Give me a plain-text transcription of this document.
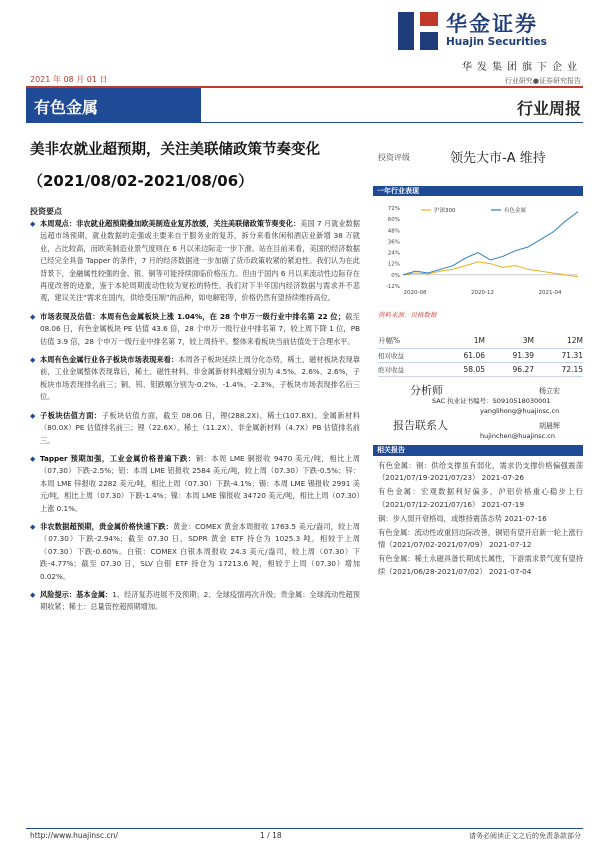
华金证券
Huajin Securities
华发集团旗下企业
2021 年 08 月 01 日	行业研究●证券研究报告
有色金属	行业周报
美非农就业超预期，关注美联储政策节奏变化
（2021/08/02-2021/08/06）
投资评级	领先大市-A 维持
投资要点
◆ 本周观点：非农就业超预期叠加欧美制造业复苏放缓，关注美联储政策节奏变化：美国 7 月就业数据远超市场预期，就业数据的走强或主要来自于服务业的复苏，拆分来看休闲和酒店业新增 38 万就业，占比较高，而欧美制造业景气度则在 6 月以来边际走一步下滑。站在目前来看，美国的经济数据已经完全具备 Tapper 的条件，7 月的经济数据进一步加剧了货币政策收紧的紧迫性。我们认为在此背景下，金融属性较强的金、银、铜等可能持续面临价格压力。但由于国内 6 月以来流动性边际存在再度改善的迹象，鉴于本轮周期流动性较为宽松的特性，我们对下半年国内经济数据与需求并不悲观，建议关注“需求在国内，供给受压制”的品种，如电解铝等，价格仍然有望持续维持高位。
◆ 市场表现及估值：本周有色金属板块上涨 1.04%，在 28 个申万一级行业中排名第 22 位；截至 08.06 日，有色金属板块 PE 估值 43.6 倍，28 个申万一级行业中排名第 7，较上周下降 1 位，PB 估值 3.9 倍，28 个申万一级行业中排名第 7，较上周持平。整体来看板块当前估值处于合理水平。
◆ 本周有色金属行业各子板块市场表现来看：本周各子板块延续上周分化态势，稀土、磁材板块表现靠前，工业金属整体表现靠后，稀土、磁性材料、非金属新材料涨幅分别为 4.5%、2.6%、2.6%，子板块市场表现排名前三；铜、钨、钼跌幅分别为-0.2%、-1.4%、-2.3%，子板块市场表现排名后三位。
◆ 子板块估值方面：子板块估值方面，截至 08.06 日，锂(288.2X)、稀土(107.8X)、金属新材料（80.0X）PE 估值排名前三；锂（22.6X）、稀土（11.2X）、非金属新材料（4.7X）PB 估值排名前三。
◆ Tapper 预期加强，工业金属价格普遍下跌：铜：本周 LME 铜报收 9470 美元/吨，相比上周（07.30）下跌-2.5%；铝：本周 LME 铝报收 2584 美元/吨，较上周（07.30）下跌-0.5%；锌：本周 LME 锌报收 2282 美元/吨，相比上周（07.30）下跌-4.1%；锡：本周 LME 锡报收 2991 美元/吨，相比上周（07.30）下跌-1.4%；镍：本周 LME 镍报收 34720 美元/吨，相比上周（07.30）上涨 0.1%。
◆ 非农数据超预期，贵金属价格快速下跌：黄金：COMEX 黄金本周报收 1763.5 美元/盎司，较上周（07.30）下跌-2.94%；截至 07.30 日，SDPR 黄金 ETF 持仓为 1025.3 吨，相较于上周（07.30）下跌-0.60%。白银：COMEX 白银本周报收 24.3 美元/盎司，较上周（07.30）下跌-4.77%；截至 07.30 日，SLV 白银 ETF 持仓为 17213.6 吨，相较于上周（07.30）增加 0.02%。
◆ 风险提示：基本金属：1、经济复苏进展不及预期；2、全球疫情再次升级；贵金属：全球流动性超预期收紧；稀土：总量管控超预期增加。
一年行业表现
72%
60%
48%
36%
24%
12%
0%
-12%
2020-08	2020-12	2021-04
沪深300	有色金属
资料来源：贝格数据
升幅%	1M	3M	12M
相对收益	61.06	91.39	71.31
绝对收益	58.05	96.27	72.15
分析师	杨立宏
SAC 执业证书编号：S0910518030001
yanglihong@huajinsc.cn
报告联系人	胡晨辉
hujinchen@huajinsc.cn
相关报告
有色金属：铜：供给支撑虽有弱化，需求仍支撑价格偏强震荡（2021/07/19-2021/07/23） 2021-07-26
有色金属：宏观数据利好偏多，沪铝价格重心稳步上行（2021/07/12-2021/07/16） 2021-07-19
铜：步入弱开衰格局，或维持震荡态势 2021-07-16
有色金属：流动性或重回边际改善，铜铝有望开启新一轮上涨行情（2021/07/02-2021/07/09） 2021-07-12
有色金属：稀土永磁具备长期成长属性，下游需求景气度有望持续（2021/06/28-2021/07/02） 2021-07-04
http://www.huajinsc.cn/	1 / 18	请务必阅读正文之后的免责条款部分
